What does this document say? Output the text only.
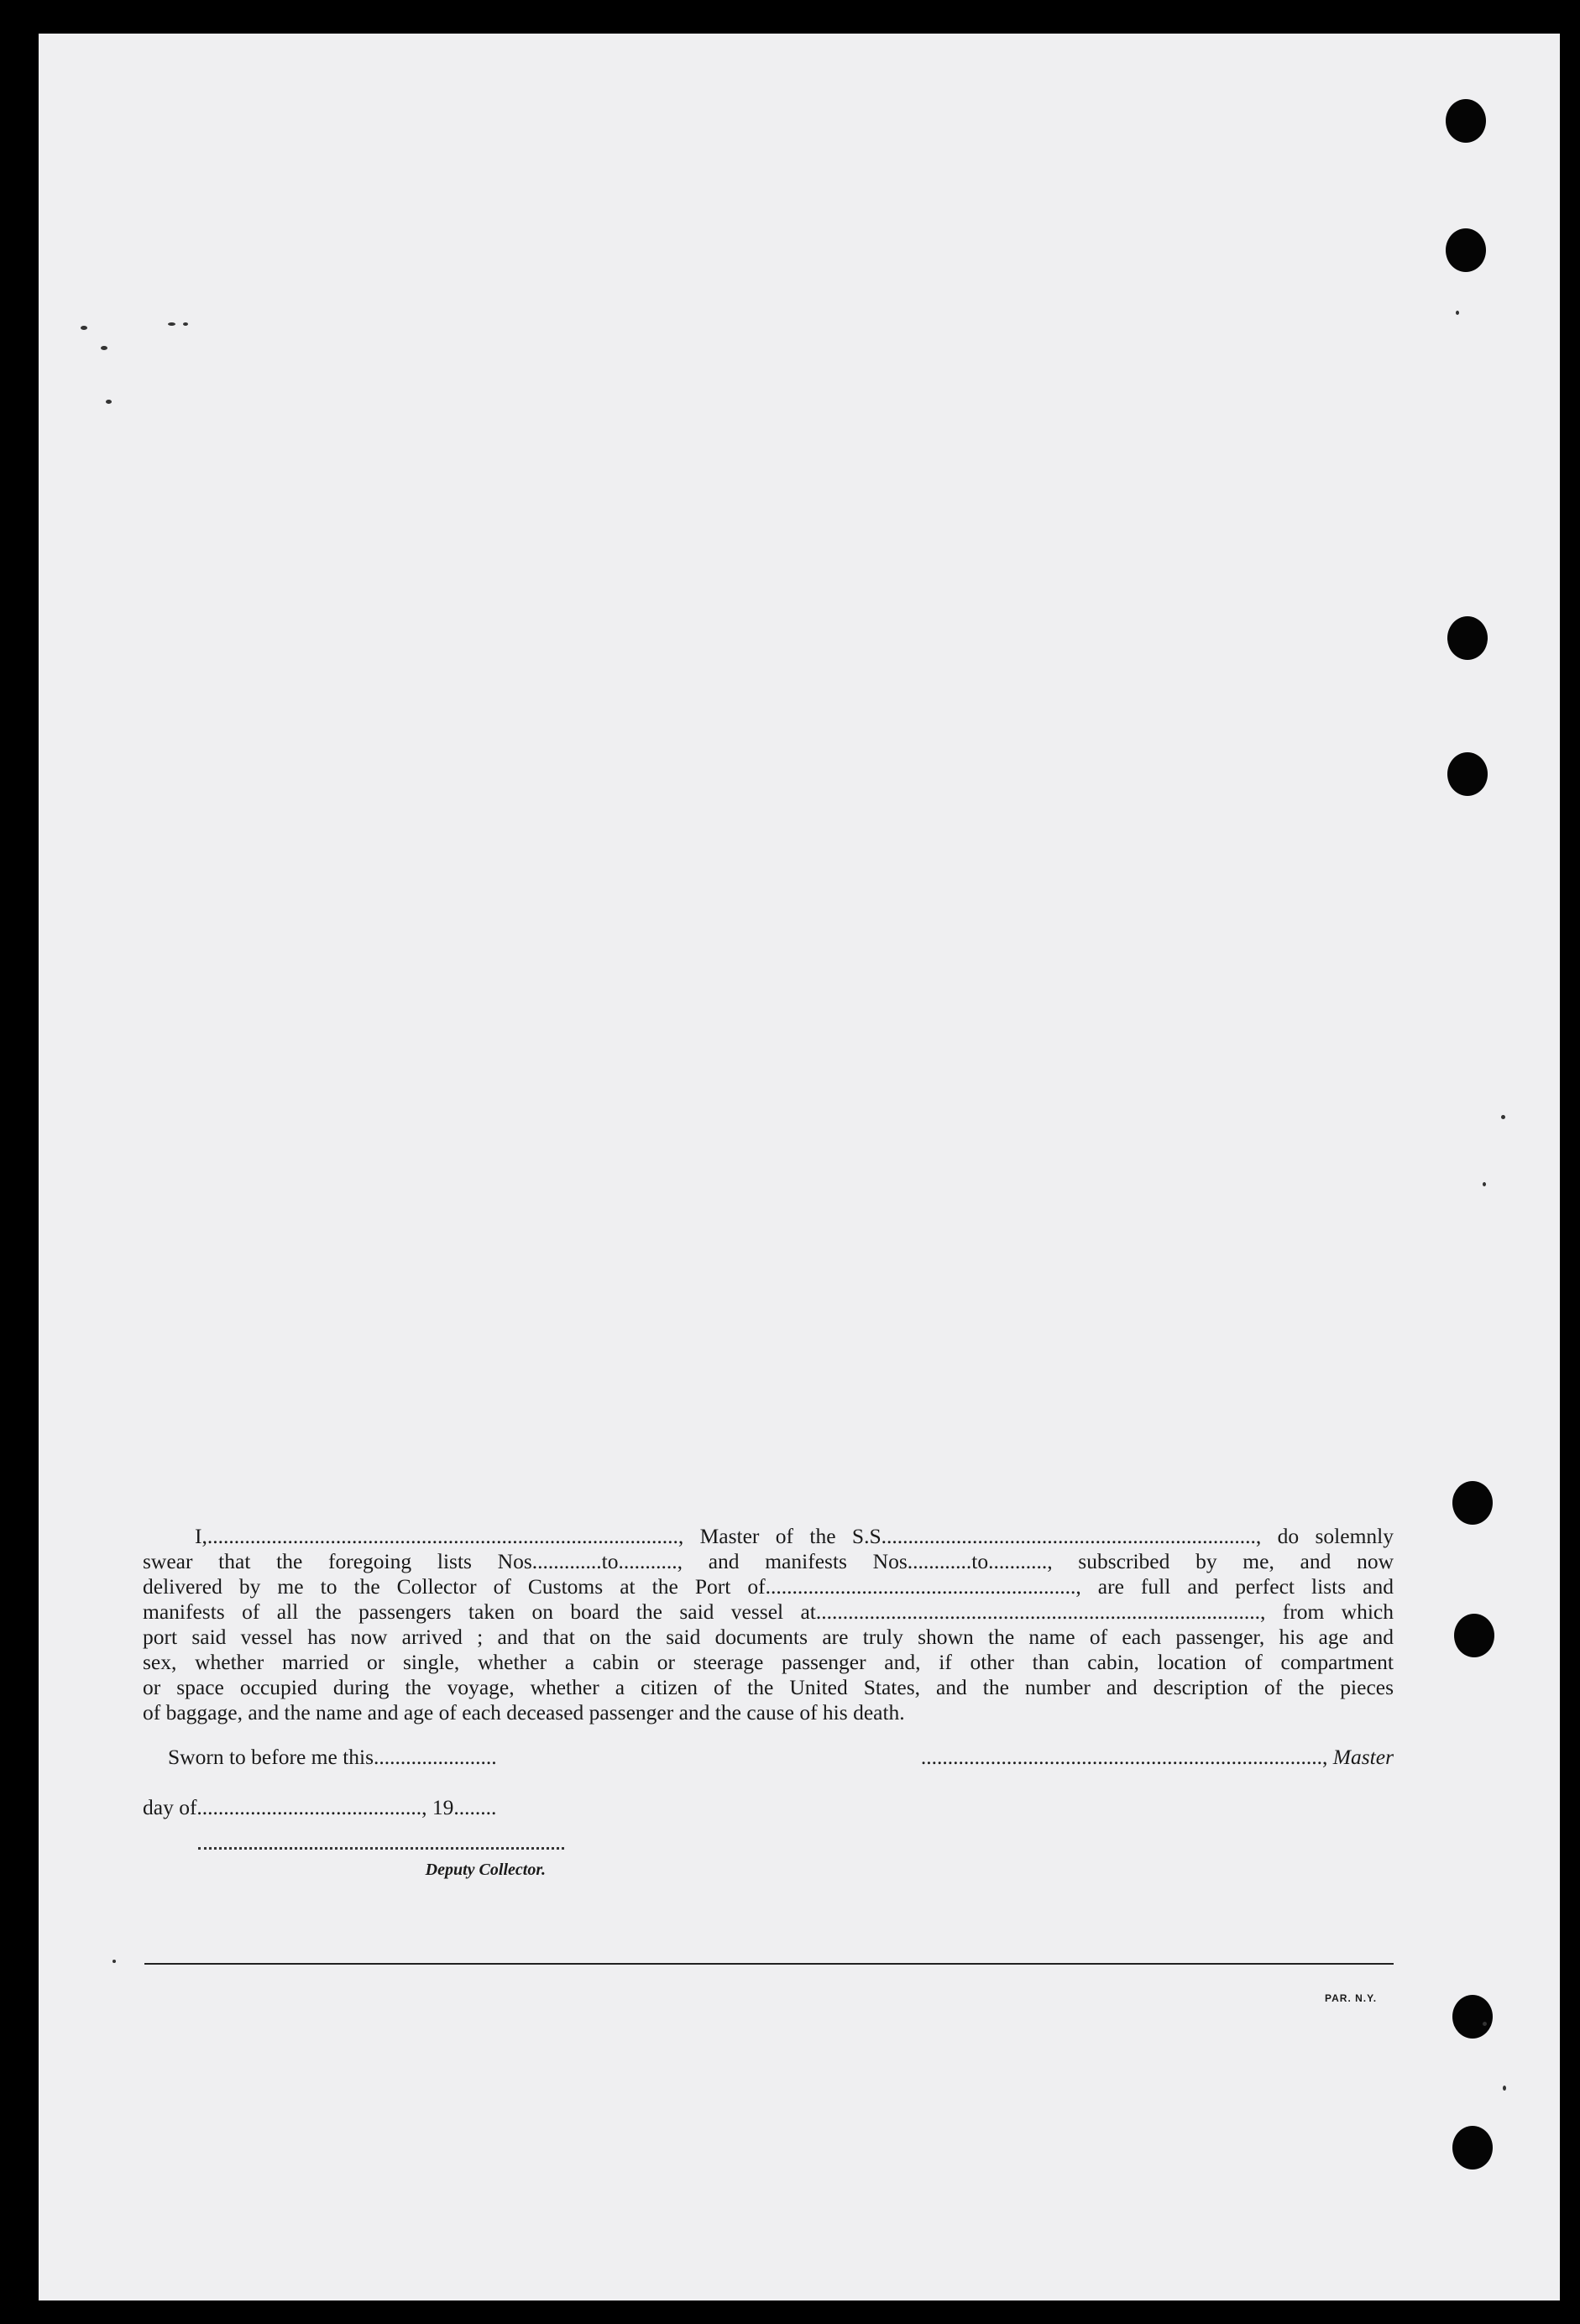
I,........................................................................................, Master of the S.S......................................................................, do solemnly
swear that the foregoing lists Nos.............to..........., and manifests Nos............to..........., subscribed by me, and now
delivered by me to the Collector of Customs at the Port of.........................................................., are full and perfect lists and
manifests of all the passengers taken on board the said vessel at..................................................................................., from which
port said vessel has now arrived ; and that on the said documents are truly shown the name of each passenger, his age and
sex, whether married or single, whether a cabin or steerage passenger and, if other than cabin, location of compartment
or space occupied during the voyage, whether a citizen of the United States, and the number and description of the pieces
of baggage, and the name and age of each deceased passenger and the cause of his death.
Sworn to before me this.......................
day of.........................................., 19........
Deputy Collector.
..........................................................................., Master
PAR. N.Y.
